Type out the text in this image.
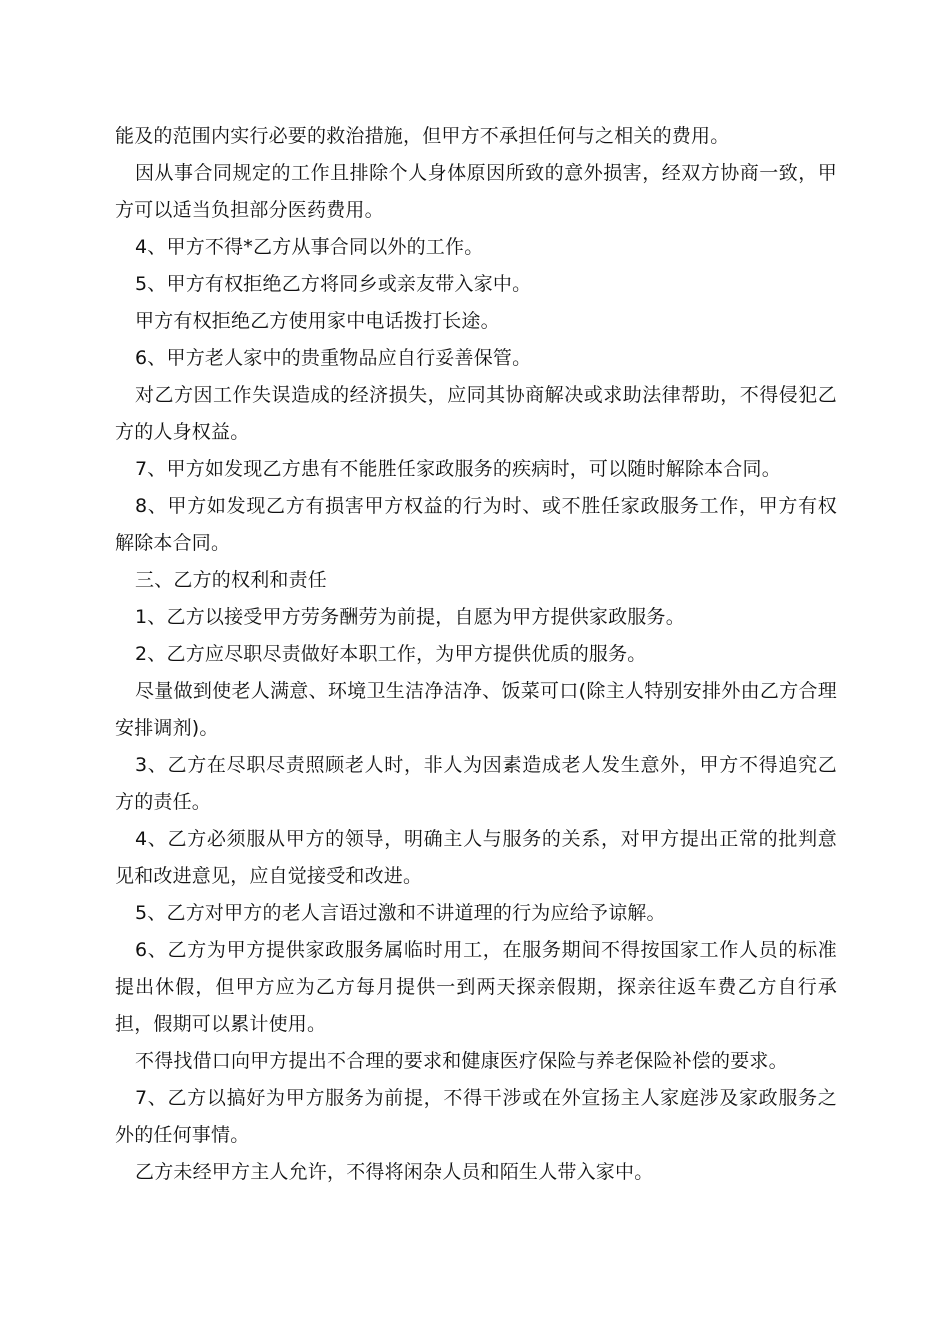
能及的范围内实行必要的救治措施，但甲方不承担任何与之相关的费用。

因从事合同规定的工作且排除个人身体原因所致的意外损害，经双方协商一致，甲方可以适当负担部分医药费用。

4、甲方不得*乙方从事合同以外的工作。

5、甲方有权拒绝乙方将同乡或亲友带入家中。

甲方有权拒绝乙方使用家中电话拨打长途。

6、甲方老人家中的贵重物品应自行妥善保管。

对乙方因工作失误造成的经济损失，应同其协商解决或求助法律帮助，不得侵犯乙方的人身权益。

7、甲方如发现乙方患有不能胜任家政服务的疾病时，可以随时解除本合同。

8、甲方如发现乙方有损害甲方权益的行为时、或不胜任家政服务工作，甲方有权解除本合同。

三、乙方的权利和责任

1、乙方以接受甲方劳务酬劳为前提，自愿为甲方提供家政服务。

2、乙方应尽职尽责做好本职工作，为甲方提供优质的服务。

尽量做到使老人满意、环境卫生洁净洁净、饭菜可口(除主人特别安排外由乙方合理安排调剂)。

3、乙方在尽职尽责照顾老人时，非人为因素造成老人发生意外，甲方不得追究乙方的责任。

4、乙方必须服从甲方的领导，明确主人与服务的关系，对甲方提出正常的批判意见和改进意见，应自觉接受和改进。

5、乙方对甲方的老人言语过激和不讲道理的行为应给予谅解。

6、乙方为甲方提供家政服务属临时用工，在服务期间不得按国家工作人员的标准提出休假，但甲方应为乙方每月提供一到两天探亲假期，探亲往返车费乙方自行承担，假期可以累计使用。

不得找借口向甲方提出不合理的要求和健康医疗保险与养老保险补偿的要求。

7、乙方以搞好为甲方服务为前提，不得干涉或在外宣扬主人家庭涉及家政服务之外的任何事情。

乙方未经甲方主人允许，不得将闲杂人员和陌生人带入家中。
